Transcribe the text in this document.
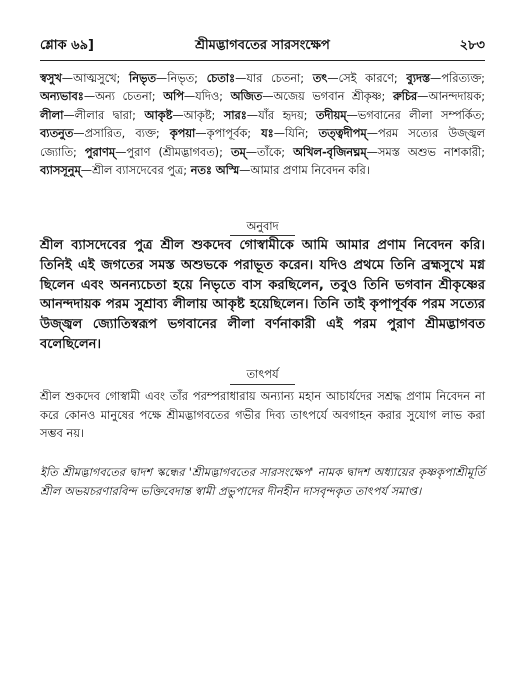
শ্লোক ৬৯]	শ্রীমদ্ভাগবতের সারসংক্ষেপ	২৮৩
স্বসুখ—আত্মসুখে; নিভৃত—নিভৃত; চেতাঃ—যার চেতনা; তৎ—সেই কারণে; ব্যুদস্ত—পরিত্যক্ত; অন্যভাবঃ—অন্য চেতনা; অপি—যদিও; অজিত—অজেয় ভগবান শ্রীকৃষ্ণ; রুচির—আনন্দদায়ক; লীলা—লীলার দ্বারা; আকৃষ্ট—আকৃষ্ট; সারঃ—যাঁর হৃদয়; তদীয়ম্—ভগবানের লীলা সম্পর্কিত; ব্যতনুত—প্রসারিত, ব্যক্ত; কৃপয়া—কৃপাপূর্বক; যঃ—যিনি; তত্ত্বদীপম্—পরম সত্যের উজ্জ্বল জ্যোতি; পুরাণম্—পুরাণ (শ্রীমদ্ভাগবত); তম্—তাঁকে; অখিল-বৃজিনঘ্নম্—সমস্ত অশুভ নাশকারী; ব্যাসসূনুম্—শ্রীল ব্যাসদেবের পুত্র; নতঃ অস্মি—আমার প্রণাম নিবেদন করি।
অনুবাদ
শ্রীল ব্যাসদেবের পুত্র শ্রীল শুকদেব গোস্বামীকে আমি আমার প্রণাম নিবেদন করি। তিনিই এই জগতের সমস্ত অশুভকে পরাভূত করেন। যদিও প্রথমে তিনি ব্রহ্মসুখে মগ্ন ছিলেন এবং অনন্যচেতা হয়ে নিভৃতে বাস করছিলেন, তবুও তিনি ভগবান শ্রীকৃষ্ণের আনন্দদায়ক পরম সুশ্রাব্য লীলায় আকৃষ্ট হয়েছিলেন। তিনি তাই কৃপাপূর্বক পরম সত্যের উজ্জ্বল জ্যোতিস্বরূপ ভগবানের লীলা বর্ণনাকারী এই পরম পুরাণ শ্রীমদ্ভাগবত বলেছিলেন।
তাৎপর্য
শ্রীল শুকদেব গোস্বামী এবং তাঁর পরম্পরাধারায় অন্যান্য মহান আচার্যদের সশ্রদ্ধ প্রণাম নিবেদন না করে কোনও মানুষের পক্ষে শ্রীমদ্ভাগবতের গভীর দিব্য তাৎপর্যে অবগাহন করার সুযোগ লাভ করা সম্ভব নয়।
ইতি শ্রীমদ্ভাগবতের দ্বাদশ স্কন্ধের 'শ্রীমদ্ভাগবতের সারসংক্ষেপ' নামক দ্বাদশ অধ্যায়ের কৃষ্ণকৃপাশ্রীমূর্তি শ্রীল অভয়চরণারবিন্দ ভক্তিবেদান্ত স্বামী প্রভুপাদের দীনহীন দাসবৃন্দকৃত তাৎপর্য সমাপ্ত।
